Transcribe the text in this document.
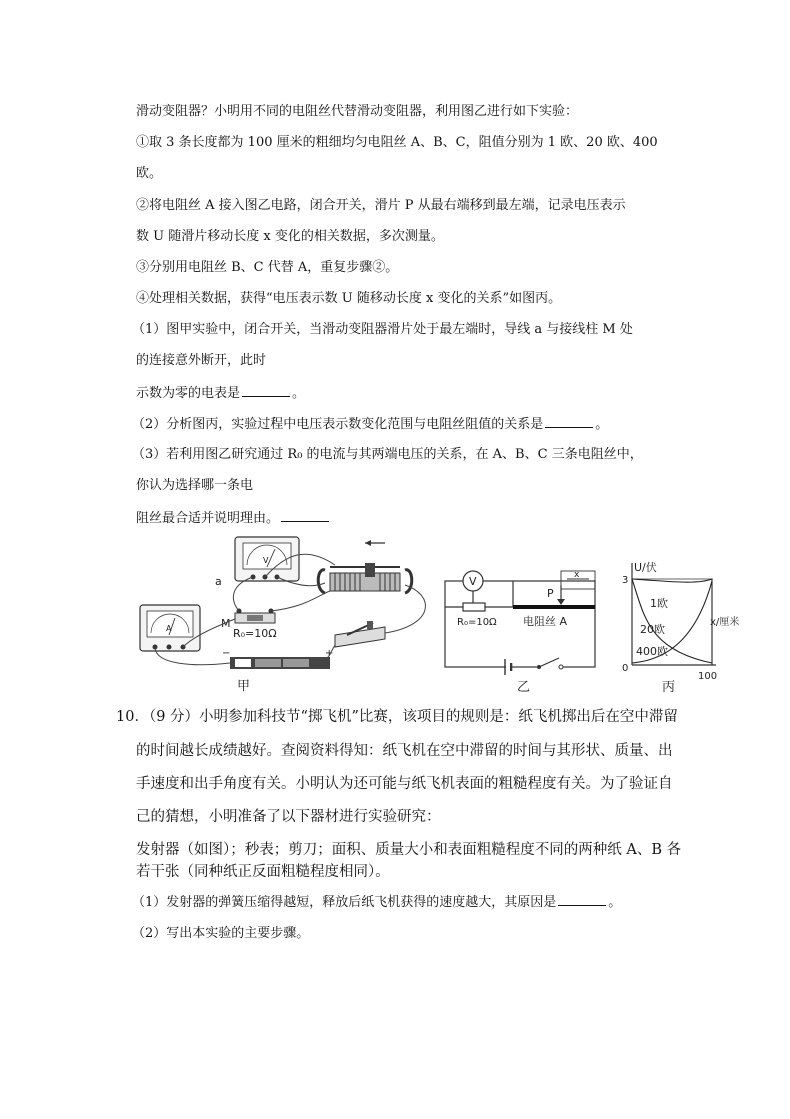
滑动变阻器？小明用不同的电阻丝代替滑动变阻器，利用图乙进行如下实验：
①取 3 条长度都为 100 厘米的粗细均匀电阻丝 A、B、C，阻值分别为 1 欧、20 欧、400
欧。
②将电阻丝 A 接入图乙电路，闭合开关，滑片 P 从最右端移到最左端，记录电压表示
数 U 随滑片移动长度 x 变化的相关数据，多次测量。
③分别用电阻丝 B、C 代替 A，重复步骤②。
④处理相关数据，获得“电压表示数 U 随移动长度 x 变化的关系”如图丙。
（1）图甲实验中，闭合开关，当滑动变阻器滑片处于最左端时，导线 a 与接线柱 M 处
的连接意外断开，此时
示数为零的电表是	。
（2）分析图丙，实验过程中电压表示数变化范围与电阻丝阻值的关系是	。
（3）若利用图乙研究通过 R₀ 的电流与其两端电压的关系，在 A、B、C 三条电阻丝中，
你认为选择哪一条电
阻丝最合适并说明理由。
V
A	R₀=10Ω
a
M
−	+
甲
V
R₀=10Ω 电阻丝 A
x
P
乙
U/伏
x/厘米
3
0
100
1欧
20欧
400欧
丙
10．（9 分）小明参加科技节“掷飞机”比赛，该项目的规则是：纸飞机掷出后在空中滞留
的时间越长成绩越好。查阅资料得知：纸飞机在空中滞留的时间与其形状、质量、出
手速度和出手角度有关。小明认为还可能与纸飞机表面的粗糙程度有关。为了验证自
己的猜想，小明准备了以下器材进行实验研究：
发射器（如图）；秒表；剪刀；面积、质量大小和表面粗糙程度不同的两种纸 A、B 各
若干张（同种纸正反面粗糙程度相同）。
（1）发射器的弹簧压缩得越短，释放后纸飞机获得的速度越大，其原因是	。
（2）写出本实验的主要步骤。
